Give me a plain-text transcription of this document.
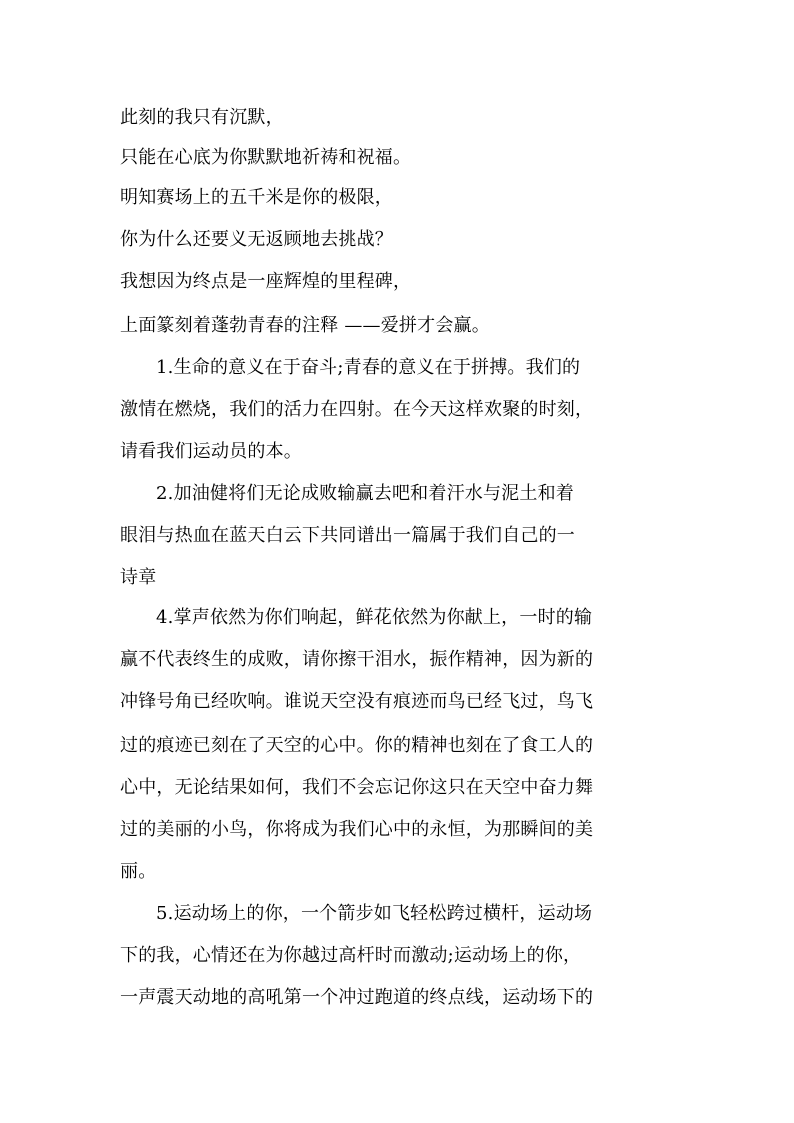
此刻的我只有沉默，
只能在心底为你默默地祈祷和祝福。
明知赛场上的五千米是你的极限，
你为什么还要义无返顾地去挑战？
我想因为终点是一座辉煌的里程碑，
上面篆刻着蓬勃青春的注释 ——爱拼才会赢。
1.生命的意义在于奋斗;青春的意义在于拼搏。我们的
激情在燃烧，我们的活力在四射。在今天这样欢聚的时刻，
请看我们运动员的本。
2.加油健将们无论成败输赢去吧和着汗水与泥土和着
眼泪与热血在蓝天白云下共同谱出一篇属于我们自己的一
诗章
4.掌声依然为你们响起，鲜花依然为你献上，一时的输
赢不代表终生的成败，请你擦干泪水，振作精神，因为新的
冲锋号角已经吹响。谁说天空没有痕迹而鸟已经飞过，鸟飞
过的痕迹已刻在了天空的心中。你的精神也刻在了食工人的
心中，无论结果如何，我们不会忘记你这只在天空中奋力舞
过的美丽的小鸟，你将成为我们心中的永恒，为那瞬间的美
丽。
5.运动场上的你，一个箭步如飞轻松跨过横杆，运动场
下的我，心情还在为你越过高杆时而激动;运动场上的你，
一声震天动地的高吼第一个冲过跑道的终点线，运动场下的
